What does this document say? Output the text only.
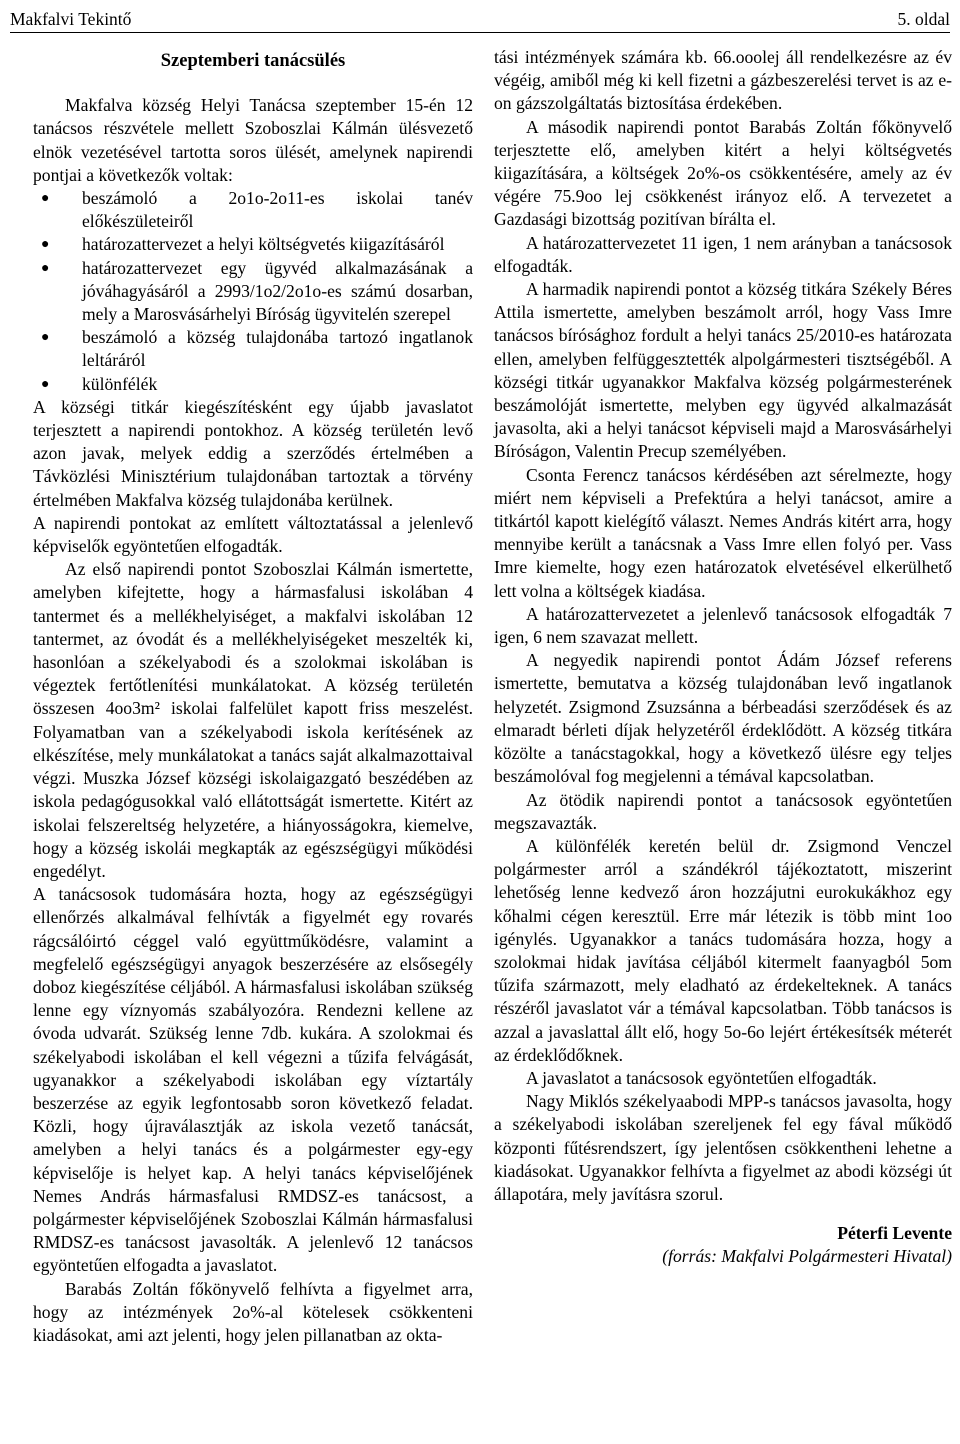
Makfalvi Tekintő	5. oldal
Szeptemberi tanácsülés

Makfalva község Helyi Tanácsa szeptember 15-én 12 tanácsos részvétele mellett Szoboszlai Kálmán ülésvezető elnök vezetésével tartotta soros ülését, amelynek napirendi pontjai a következők voltak:

● beszámoló a 2o1o-2o11-es iskolai tanév előkészületeiről
● határozattervezet a helyi költségvetés kiigazításáról
● határozattervezet egy ügyvéd alkalmazásának a jóváhagyásáról a 2993/1o2/2o1o-es számú dosarban, mely a Marosvásárhelyi Bíróság ügyvitelén szerepel
● beszámoló a község tulajdonába tartozó ingatlanok leltáráról
● különfélék

A községi titkár kiegészítésként egy újabb javaslatot terjesztett a napirendi pontokhoz. A község területén levő azon javak, melyek eddig a szerződés értelmében a Távközlési Minisztérium tulajdonában tartoztak a törvény értelmében Makfalva község tulajdonába kerülnek.

A napirendi pontokat az említett változtatással a jelenlevő képviselők egyöntetűen elfogadták.

Az első napirendi pontot Szoboszlai Kálmán ismertette, amelyben kifejtette, hogy a hármasfalusi iskolában 4 tantermet és a mellékhelyiséget, a makfalvi iskolában 12 tantermet, az óvodát és a mellékhelyiségeket meszelték ki, hasonlóan a székelyabodi és a szolokmai iskolában is végeztek fertőtlenítési munkálatokat. A község területén összesen 4oo3m² iskolai falfelület kapott friss meszelést. Folyamatban van a székelyabodi iskola kerítésének az elkészítése, mely munkálatokat a tanács saját alkalmazottaival végzi. Muszka József községi iskolaigazgató beszédében az iskola pedagógusokkal való ellátottságát ismertette. Kitért az iskolai felszereltség helyzetére, a hiányosságokra, kiemelve, hogy a község iskolái megkapták az egészségügyi működési engedélyt.

A tanácsosok tudomására hozta, hogy az egészségügyi ellenőrzés alkalmával felhívták a figyelmét egy rovarés rágcsálóirtó céggel való együttműködésre, valamint a megfelelő egészségügyi anyagok beszerzésére az elsősegély doboz kiegészítése céljából. A hármasfalusi iskolában szükség lenne egy víznyomás szabályozóra. Rendezni kellene az óvoda udvarát. Szükség lenne 7db. kukára. A szolokmai és székelyabodi iskolában el kell végezni a tűzifa felvágását, ugyanakkor a székelyabodi iskolában egy víztartály beszerzése az egyik legfontosabb soron következő feladat. Közli, hogy újraválasztják az iskola vezető tanácsát, amelyben a helyi tanács és a polgármester egy-egy képviselője is helyet kap. A helyi tanács képviselőjének Nemes András hármasfalusi RMDSZ-es tanácsost, a polgármester képviselőjének Szoboszlai Kálmán hármasfalusi RMDSZ-es tanácsost javasolták. A jelenlevő 12 tanácsos egyöntetűen elfogadta a javaslatot.

Barabás Zoltán főkönyvelő felhívta a figyelmet arra, hogy az intézmények 2o%-al kötelesek csökkenteni kiadásokat, ami azt jelenti, hogy jelen pillanatban az okta-

tási intézmények számára kb. 66.ooolej áll rendelkezésre az év végéig, amiből még ki kell fizetni a gázbeszerelési tervet is az e-on gázszolgáltatás biztosítása érdekében.

A második napirendi pontot Barabás Zoltán főkönyvelő terjesztette elő, amelyben kitért a helyi költségvetés kiigazítására, a költségek 2o%-os csökkentésére, amely az év végére 75.9oo lej csökkenést irányoz elő. A tervezetet a Gazdasági bizottság pozitívan bírálta el.

A határozattervezetet 11 igen, 1 nem arányban a tanácsosok elfogadták.

A harmadik napirendi pontot a község titkára Székely Béres Attila ismertette, amelyben beszámolt arról, hogy Vass Imre tanácsos bírósághoz fordult a helyi tanács 25/2010-es határozata ellen, amelyben felfüggesztették alpolgármesteri tisztségéből. A községi titkár ugyanakkor Makfalva község polgármesterének beszámolóját ismertette, melyben egy ügyvéd alkalmazását javasolta, aki a helyi tanácsot képviseli majd a Marosvásárhelyi Bíróságon, Valentin Precup személyében.

Csonta Ferencz tanácsos kérdésében azt sérelmezte, hogy miért nem képviseli a Prefektúra a helyi tanácsot, amire a titkártól kapott kielégítő választ. Nemes András kitért arra, hogy mennyibe került a tanácsnak a Vass Imre ellen folyó per. Vass Imre kiemelte, hogy ezen határozatok elvetésével elkerülhető lett volna a költségek kiadása.

A határozattervezetet a jelenlevő tanácsosok elfogadták 7 igen, 6 nem szavazat mellett.

A negyedik napirendi pontot Ádám József referens ismertette, bemutatva a község tulajdonában levő ingatlanok helyzetét. Zsigmond Zsuzsánna a bérbeadási szerződések és az elmaradt bérleti díjak helyzetéről érdeklődött. A község titkára közölte a tanácstagokkal, hogy a következő ülésre egy teljes beszámolóval fog megjelenni a témával kapcsolatban.

Az ötödik napirendi pontot a tanácsosok egyöntetűen megszavazták.

A különfélék keretén belül dr. Zsigmond Venczel polgármester arról a szándékról tájékoztatott, miszerint lehetőség lenne kedvező áron hozzájutni eurokukákhoz egy kőhalmi cégen keresztül. Erre már létezik is több mint 1oo igénylés. Ugyanakkor a tanács tudomására hozza, hogy a szolokmai hidak javítása céljából kitermelt faanyagból 5om tűzifa származott, mely eladható az érdekelteknek. A tanács részéről javaslatot vár a témával kapcsolatban. Több tanácsos is azzal a javaslattal állt elő, hogy 5o-6o lejért értékesítsék méterét az érdeklődőknek.

A javaslatot a tanácsosok egyöntetűen elfogadták.

Nagy Miklós székelyaabodi MPP-s tanácsos javasolta, hogy a székelyabodi iskolában szereljenek fel egy fával működő központi fűtésrendszert, így jelentősen csökkentheni lehetne a kiadásokat. Ugyanakkor felhívta a figyelmet az abodi községi út állapotára, mely javításra szorul.

Péterfi Levente
(forrás: Makfalvi Polgármesteri Hivatal)
